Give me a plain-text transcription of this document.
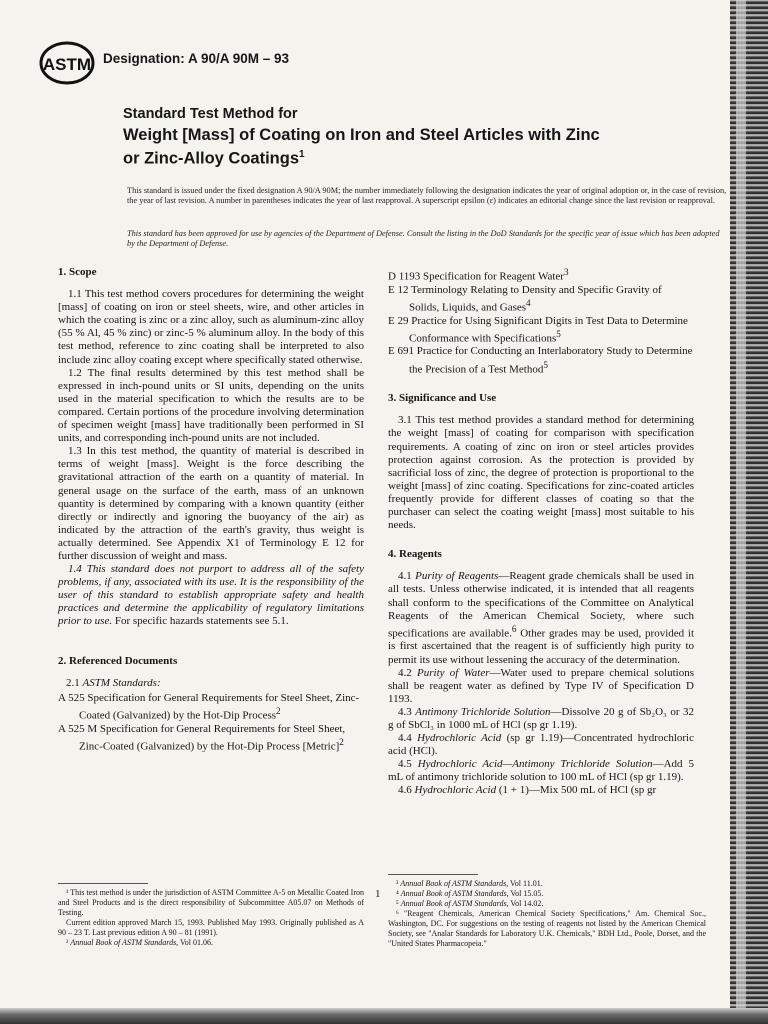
ASTM Designation: A 90/A 90M – 93
Standard Test Method for
Weight [Mass] of Coating on Iron and Steel Articles with Zinc
or Zinc-Alloy Coatings$^1$
This standard is issued under the fixed designation A 90/A 90M; the number immediately following the designation indicates the year of original adoption or, in the case of revision, the year of last revision. A number in parentheses indicates the year of last reapproval. A superscript epsilon (ε) indicates an editorial change since the last revision or reapproval.
This standard has been approved for use by agencies of the Department of Defense. Consult the listing in the DoD Standards for the specific year of issue which has been adopted by the Department of Defense.
1. Scope

1.1 This test method covers procedures for determining the weight [mass] of coating on iron or steel sheets, wire, and other articles in which the coating is zinc or a zinc alloy, such as aluminum-zinc alloy (55 % Al, 45 % zinc) or zinc-5 % aluminum alloy. In the body of this test method, reference to zinc coating shall be interpreted to also include zinc alloy coating except where specifically stated otherwise.

1.2 The final results determined by this test method shall be expressed in inch-pound units or SI units, depending on the units used in the material specification to which the results are to be compared. Certain portions of the procedure involving determination of specimen weight [mass] have traditionally been performed in SI units, and corresponding inch-pound units are not included.

1.3 In this test method, the quantity of material is described in terms of weight [mass]. Weight is the force describing the gravitational attraction of the earth on a quantity of material. In general usage on the surface of the earth, mass of an unknown quantity is determined by comparing with a known quantity (either directly or indirectly and ignoring the buoyancy of the air) as indicated by the attraction of the earth's gravity, thus weight is actually determined. See Appendix X1 of Terminology E 12 for further discussion of weight and mass.

1.4 This standard does not purport to address all of the safety problems, if any, associated with its use. It is the responsibility of the user of this standard to establish appropriate safety and health practices and determine the applicability of regulatory limitations prior to use. For specific hazards statements see 5.1.

2. Referenced Documents

2.1 ASTM Standards:

A 525 Specification for General Requirements for Steel Sheet, Zinc-Coated (Galvanized) by the Hot-Dip Process$^2$

A 525 M Specification for General Requirements for Steel Sheet, Zinc-Coated (Galvanized) by the Hot-Dip Process [Metric]$^2$

D 1193 Specification for Reagent Water$^3$

E 12 Terminology Relating to Density and Specific Gravity of Solids, Liquids, and Gases$^4$

E 29 Practice for Using Significant Digits in Test Data to Determine Conformance with Specifications$^5$

E 691 Practice for Conducting an Interlaboratory Study to Determine the Precision of a Test Method$^5$

3. Significance and Use

3.1 This test method provides a standard method for determining the weight [mass] of coating for comparison with specification requirements. A coating of zinc on iron or steel articles provides protection against corrosion. As the protection is provided by sacrificial loss of zinc, the degree of protection is proportional to the weight [mass] of zinc coating. Specifications for zinc-coated articles frequently provide for different classes of coating so that the purchaser can select the coating weight [mass] most suitable to his needs.

4. Reagents

4.1 Purity of Reagents—Reagent grade chemicals shall be used in all tests. Unless otherwise indicated, it is intended that all reagents shall conform to the specifications of the Committee on Analytical Reagents of the American Chemical Society, where such specifications are available.$^6$ Other grades may be used, provided it is first ascertained that the reagent is of sufficiently high purity to permit its use without lessening the accuracy of the determination.

4.2 Purity of Water—Water used to prepare chemical solutions shall be reagent water as defined by Type IV of Specification D 1193.

4.3 Antimony Trichloride Solution—Dissolve 20 g of Sb₂O₃ or 32 g of SbCl₃ in 1000 mL of HCl (sp gr 1.19).

4.4 Hydrochloric Acid (sp gr 1.19)—Concentrated hydrochloric acid (HCl).

4.5 Hydrochloric Acid—Antimony Trichloride Solution—Add 5 mL of antimony trichloride solution to 100 mL of HCl (sp gr 1.19).

4.6 Hydrochloric Acid (1 + 1)—Mix 500 mL of HCl (sp gr

¹ This test method is under the jurisdiction of ASTM Committee A-5 on Metallic Coated Iron and Steel Products and is the direct responsibility of Subcommittee A05.07 on Methods of Testing.

Current edition approved March 15, 1993. Published May 1993. Originally published as A 90 – 23 T. Last previous edition A 90 – 81 (1991).

² Annual Book of ASTM Standards, Vol 01.06.

1

³ Annual Book of ASTM Standards, Vol 11.01.

⁴ Annual Book of ASTM Standards, Vol 15.05.

⁵ Annual Book of ASTM Standards, Vol 14.02.

⁶ "Reagent Chemicals, American Chemical Society Specifications," Am. Chemical Soc., Washington, DC. For suggestions on the testing of reagents not listed by the American Chemical Society, see "Analar Standards for Laboratory U.K. Chemicals," BDH Ltd., Poole, Dorset, and the "United States Pharmacopeia."
